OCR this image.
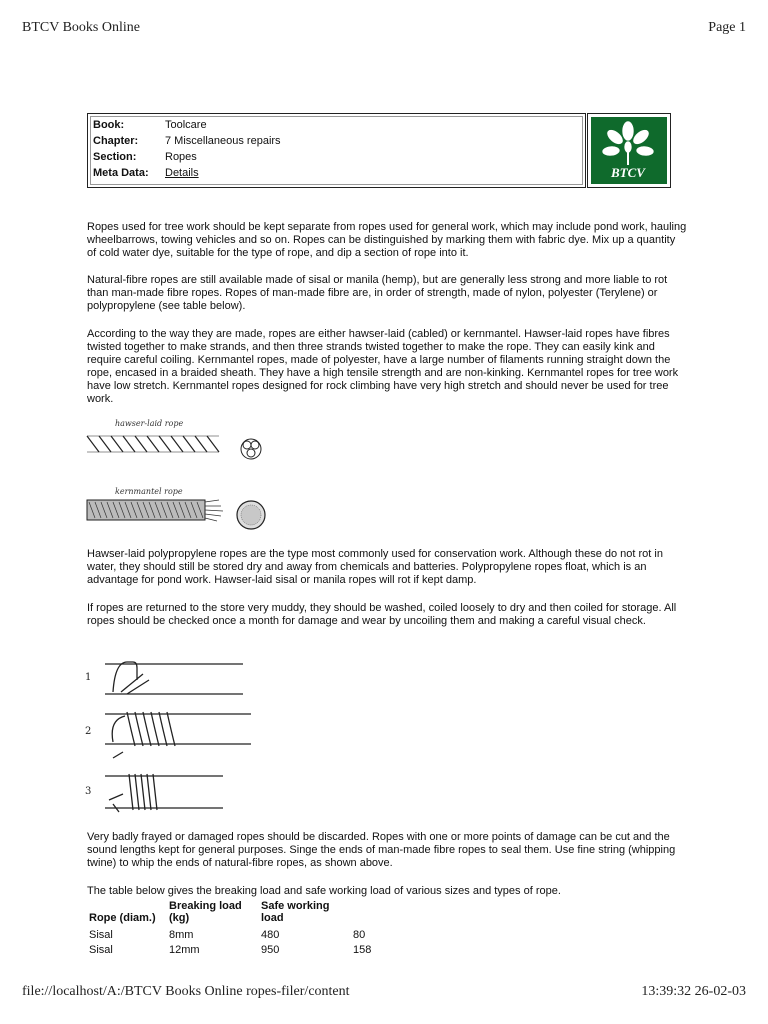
BTCV Books Online	Page 1
Book:	Toolcare
Chapter:	7 Miscellaneous repairs
Section:	Ropes
Meta Data:	Details	BTCV

Ropes used for tree work should be kept separate from ropes used for general work, which may include pond work, hauling wheelbarrows, towing vehicles and so on. Ropes can be distinguished by marking them with fabric dye. Mix up a quantity of cold water dye, suitable for the type of rope, and dip a section of rope into it.

Natural-fibre ropes are still available made of sisal or manila (hemp), but are generally less strong and more liable to rot than man-made fibre ropes. Ropes of man-made fibre are, in order of strength, made of nylon, polyester (Terylene) or polypropylene (see table below).

According to the way they are made, ropes are either hawser-laid (cabled) or kernmantel. Hawser-laid ropes have fibres twisted together to make strands, and then three strands twisted together to make the rope. They can easily kink and require careful coiling. Kernmantel ropes, made of polyester, have a large number of filaments running straight down the rope, encased in a braided sheath. They have a high tensile strength and are non-kinking. Kernmantel ropes for tree work have low stretch. Kernmantel ropes designed for rock climbing have very high stretch and should never be used for tree work.

hawser-laid rope
kernmantel rope

Hawser-laid polypropylene ropes are the type most commonly used for conservation work. Although these do not rot in water, they should still be stored dry and away from chemicals and batteries. Polypropylene ropes float, which is an advantage for pond work. Hawser-laid sisal or manila ropes will rot if kept damp.

If ropes are returned to the store very muddy, they should be washed, coiled loosely to dry and then coiled for storage. All ropes should be checked once a month for damage and wear by uncoiling them and making a careful visual check.

1
2
3

Very badly frayed or damaged ropes should be discarded. Ropes with one or more points of damage can be cut and the sound lengths kept for general purposes. Singe the ends of man-made fibre ropes to seal them. Use fine string (whipping twine) to whip the ends of natural-fibre ropes, as shown above.

The table below gives the breaking load and safe working load of various sizes and types of rope.

Rope (diam.)	Breaking load (kg)	Safe working load	
Sisal	8mm	480	80
Sisal	12mm	950	158
file://localhost/A:/BTCV Books Online ropes-filer/content	13:39:32 26-02-03
